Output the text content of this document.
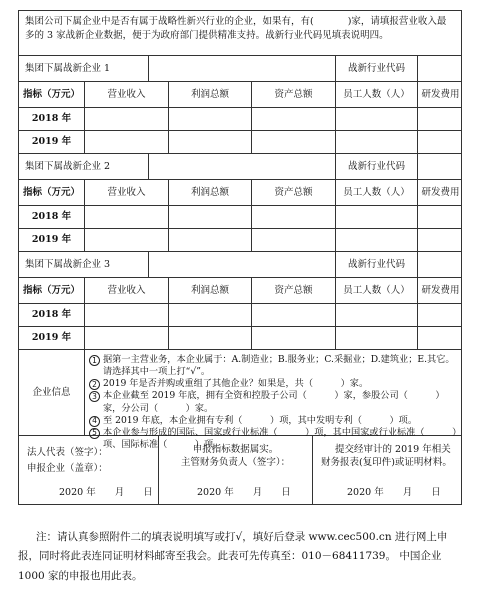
集团公司下属企业中是否有属于战略性新兴行业的企业，如果有，有(	)家，请填报营业收入最多的 3 家战新企业数据，便于为政府部门提供精准支持。战新行业代码见填表说明四。
集团下属战新企业 1	战新行业代码
指标（万元）	营业收入	利润总额	资产总额	员工人数（人）	研发费用
2018 年
2019 年
集团下属战新企业 2	战新行业代码
指标（万元）	营业收入	利润总额	资产总额	员工人数（人）	研发费用
2018 年
2019 年
集团下属战新企业 3	战新行业代码
指标（万元）	营业收入	利润总额	资产总额	员工人数（人）	研发费用
2018 年
2019 年
企业信息
1 据第一主营业务，本企业属于：A.制造业；B.服务业；C.采掘业；D.建筑业；E.其它。请选择其中一项上打“√”。
2 2019 年是否并购或重组了其他企业？如果是，共（　　　）家。
3 本企业截至 2019 年底，拥有全资和控股子公司（　　　）家，参股公司（　　　）家，分公司（　　　）家。
4 至 2019 年底，本企业拥有专利（　　　）项，其中发明专利（　　　）项。
5 本企业参与形成的国际、国家或行业标准（　　　）项，其中国家或行业标准（　　　）项、国际标准（　　　）项。
法人代表（签字）：
申报企业（盖章）：
2020 年　　月　　日
申报指标数据属实。
主管财务负责人（签字）：
2020 年　　月　　日
提交经审计的 2019 年相关财务报表(复印件)或证明材料。
2020 年　　月　　日
注：请认真参照附件二的填表说明填写或打√，填好后登录 www.cec500.cn 进行网上申报，同时将此表连同证明材料邮寄至我会。此表可先传真至：010－68411739。 中国企业 1000 家的申报也用此表。
